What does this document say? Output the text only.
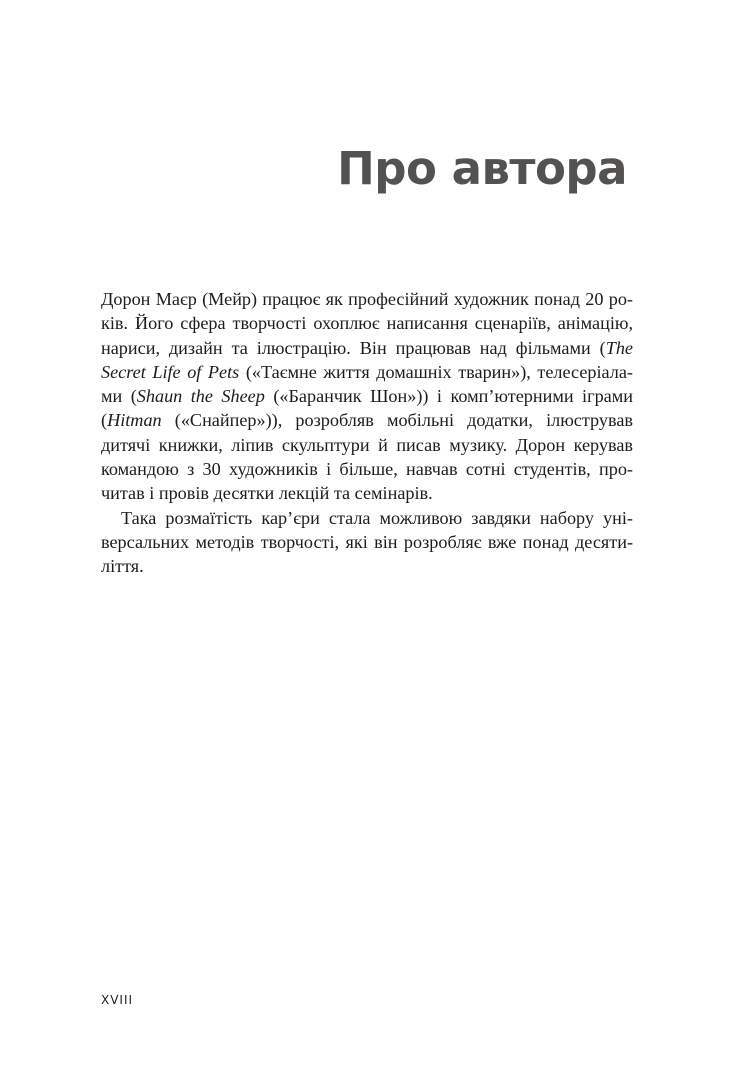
Про автора
Дорон Маєр (Мейр) працює як професійний художник понад 20 ро-
ків. Його сфера творчості охоплює написання сценаріїв, анімацію,
нариси, дизайн та ілюстрацію. Він працював над фільмами (The
Secret Life of Pets («Таємне життя домашніх тварин»), телесеріала-
ми (Shaun the Sheep («Баранчик Шон»)) і комп’ютерними іграми
(Hitman («Снайпер»)), розробляв мобільні додатки, ілюстрував
дитячі книжки, ліпив скульптури й писав музику. Дорон керував
командою з 30 художників і більше, навчав сотні студентів, про-
читав і провів десятки лекцій та семінарів.
Така розмаїтість кар’єри стала можливою завдяки набору уні-
версальних методів творчості, які він розробляє вже понад десяти-
ліття.
XVIII
